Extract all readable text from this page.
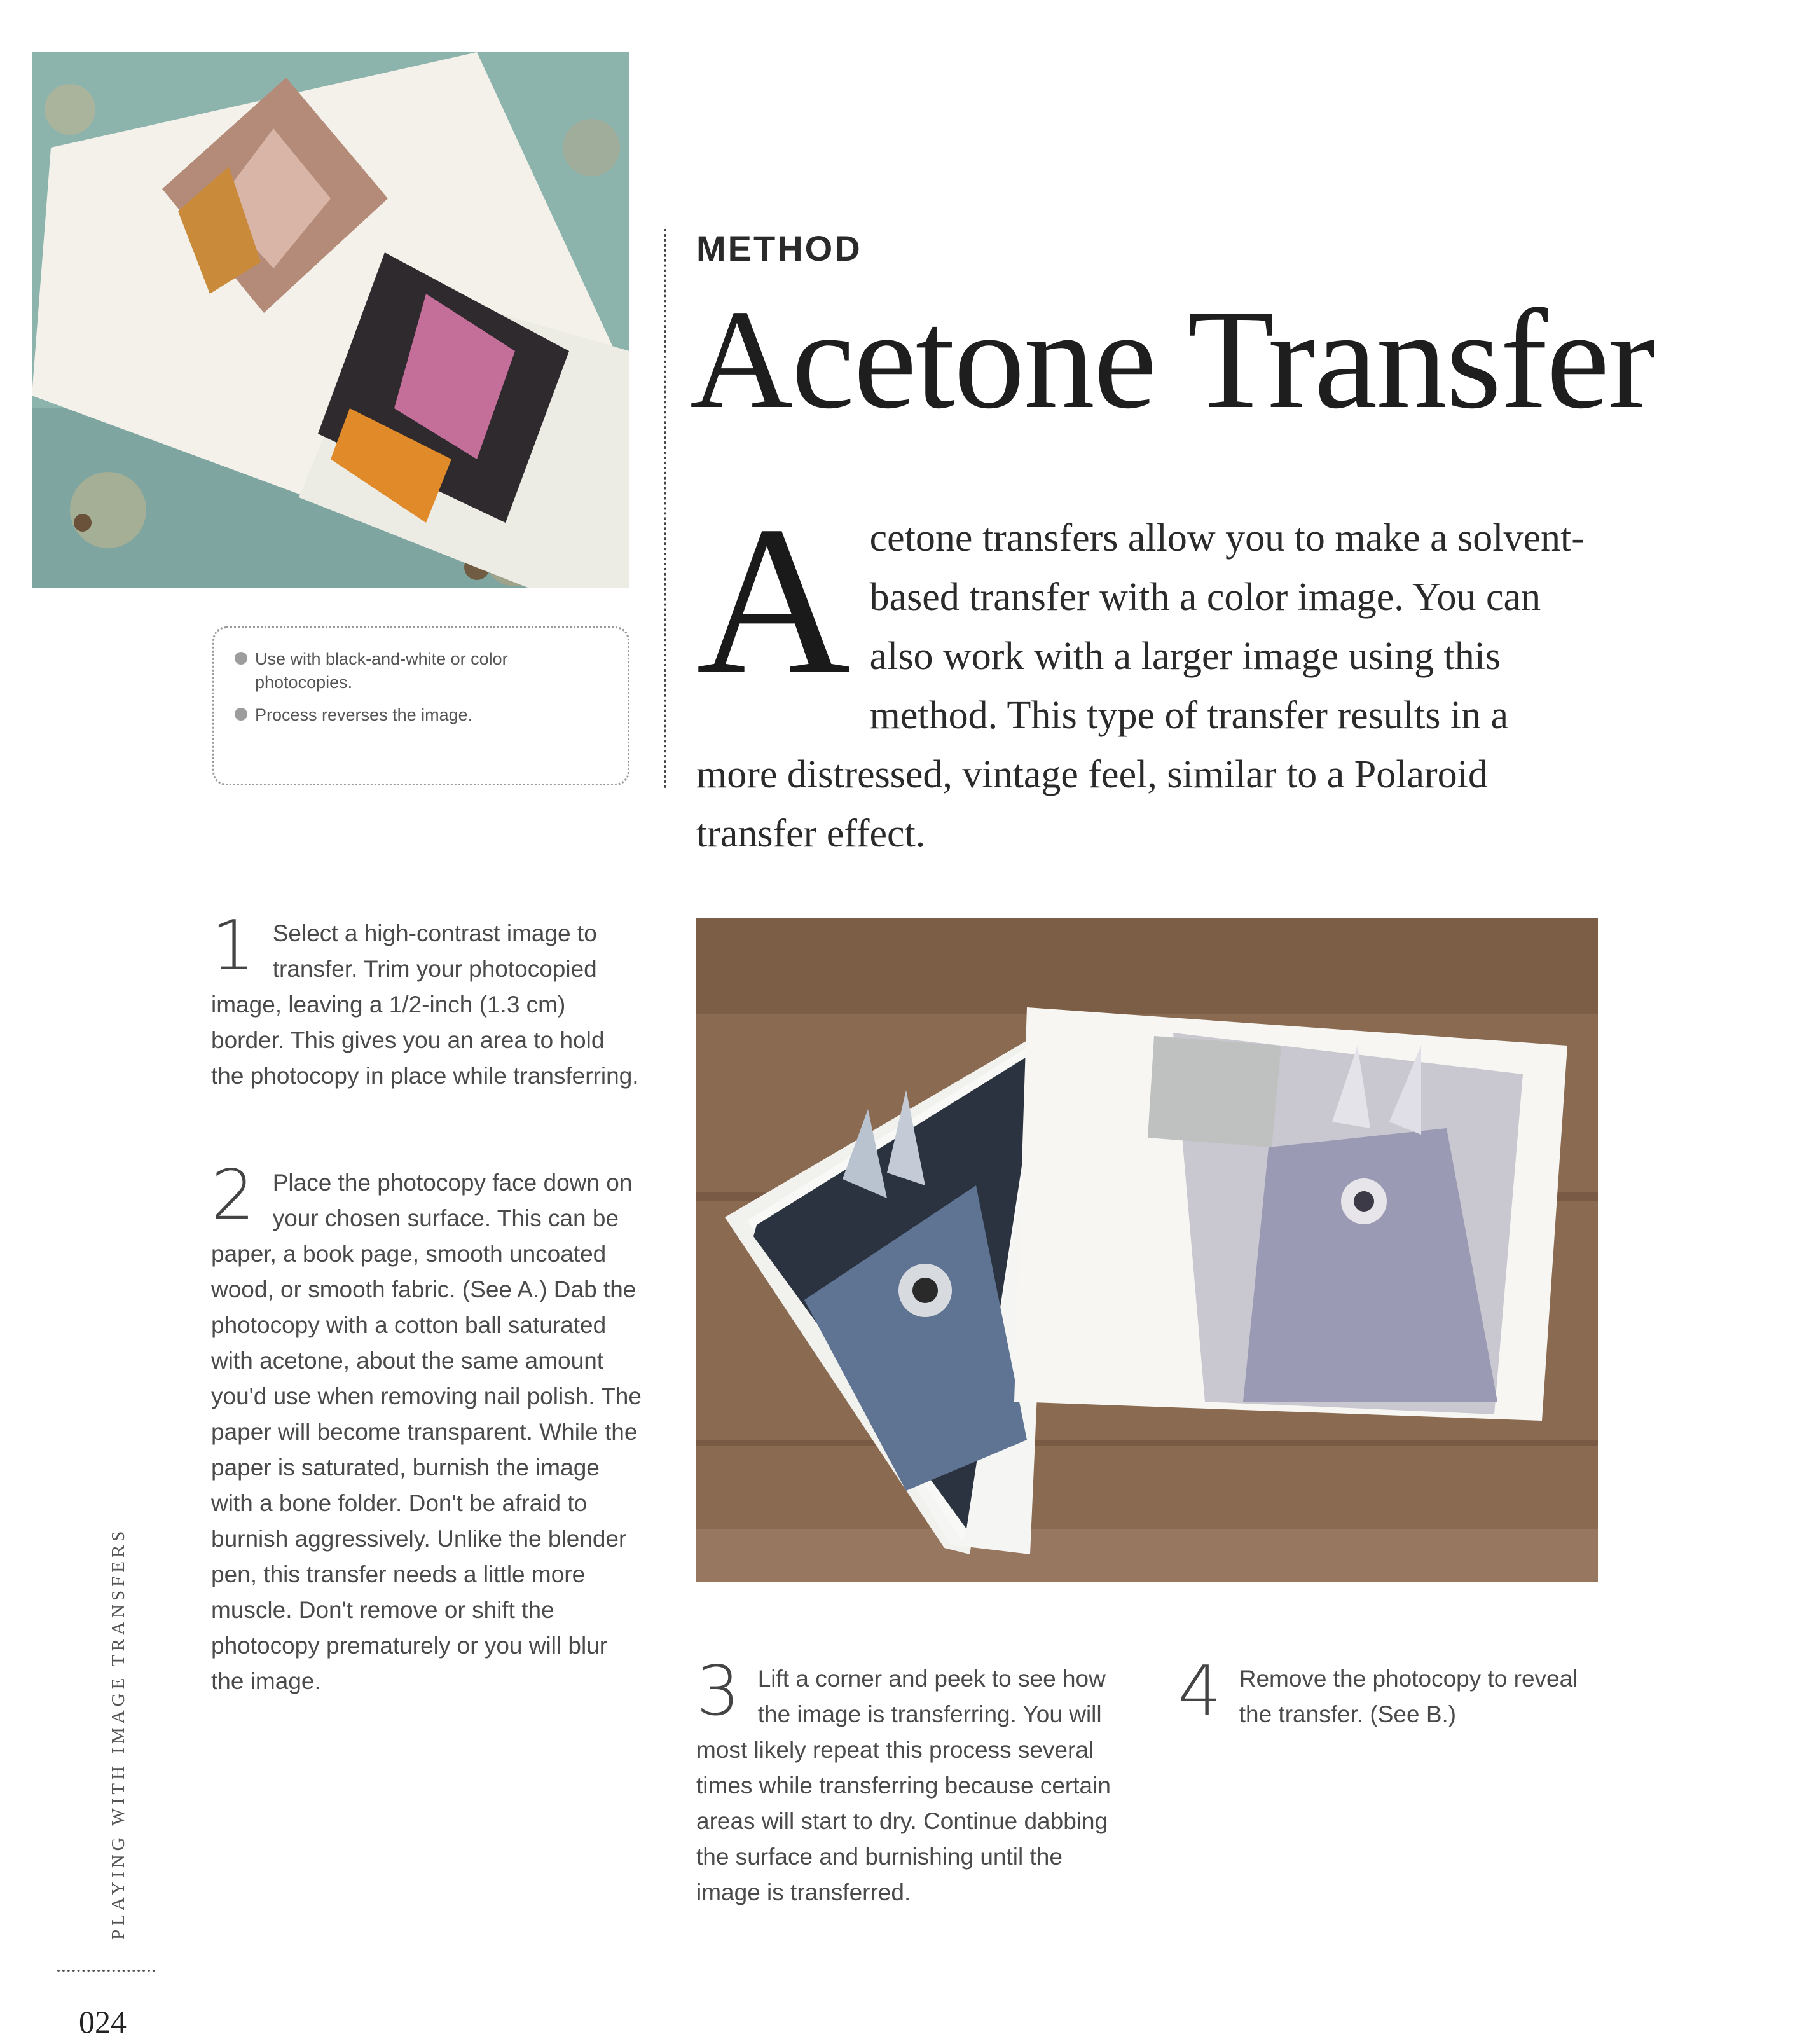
Use with black-and-white or color photocopies.
Process reverses the image.
METHOD
Acetone Transfer
A cetone transfers allow you to make a solvent-based transfer with a color image. You can also work with a larger image using this method. This type of transfer results in a more distressed, vintage feel, similar to a Polaroid transfer effect.
1 Select a high-contrast image to transfer. Trim your photocopied image, leaving a 1/2-inch (1.3 cm) border. This gives you an area to hold the photocopy in place while transferring.
2 Place the photocopy face down on your chosen surface. This can be paper, a book page, smooth uncoated wood, or smooth fabric. (See A.) Dab the photocopy with a cotton ball saturated with acetone, about the same amount you'd use when removing nail polish. The paper will become transparent. While the paper is saturated, burnish the image with a bone folder. Don't be afraid to burnish aggressively. Unlike the blender pen, this transfer needs a little more muscle. Don't remove or shift the photocopy prematurely or you will blur the image.	3 Lift a corner and peek to see how the image is transferring. You will most likely repeat this process several times while transferring because certain areas will start to dry. Continue dabbing the surface and burnishing until the image is transferred.
4 Remove the photocopy to reveal the transfer. (See B.)
PLAYING WITH IMAGE TRANSFERS
024
